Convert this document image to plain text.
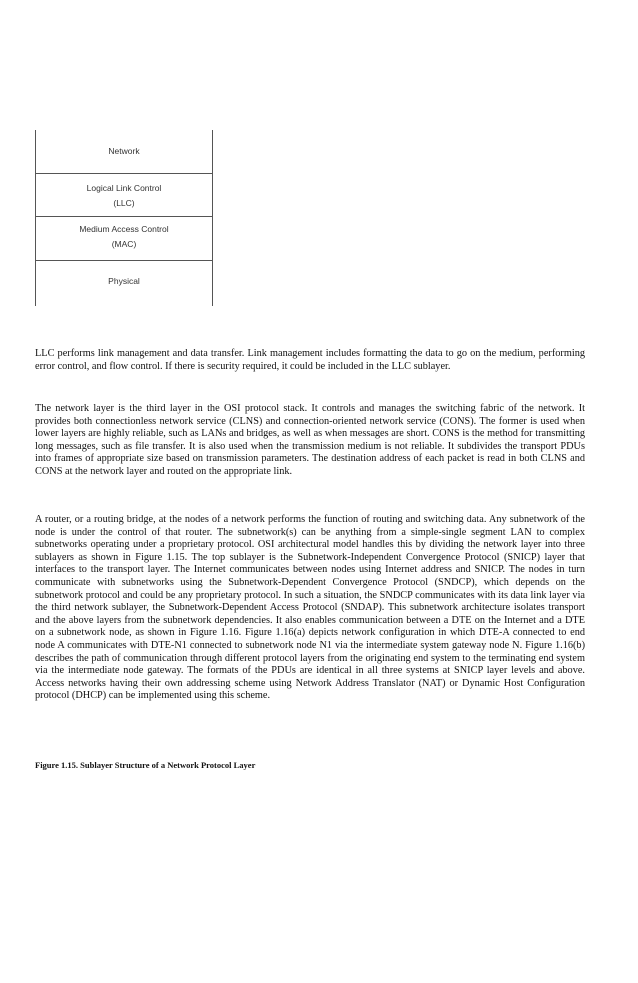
Network
Logical Link Control
(LLC)
Medium Access Control
(MAC)
Physical
LLC performs link management and data transfer. Link management includes formatting the data to go on the medium, performing error control, and flow control. If there is security required, it could be included in the LLC sublayer.
The network layer is the third layer in the OSI protocol stack. It controls and manages the switching fabric of the network. It provides both connectionless network service (CLNS) and connection-oriented network service (CONS). The former is used when lower layers are highly reliable, such as LANs and bridges, as well as when messages are short. CONS is the method for transmitting long messages, such as file transfer. It is also used when the transmission medium is not reliable. It subdivides the transport PDUs into frames of appropriate size based on transmission parameters. The destination address of each packet is read in both CLNS and CONS at the network layer and routed on the appropriate link.
A router, or a routing bridge, at the nodes of a network performs the function of routing and switching data. Any subnetwork of the node is under the control of that router. The subnetwork(s) can be anything from a simple-single segment LAN to complex subnetworks operating under a proprietary protocol. OSI architectural model handles this by dividing the network layer into three sublayers as shown in Figure 1.15. The top sublayer is the Subnetwork-Independent Convergence Protocol (SNICP) layer that interfaces to the transport layer. The Internet communicates between nodes using Internet address and SNICP. The nodes in turn communicate with subnetworks using the Subnetwork-Dependent Convergence Protocol (SNDCP), which depends on the subnetwork protocol and could be any proprietary protocol. In such a situation, the SNDCP communicates with its data link layer via the third network sublayer, the Subnetwork-Dependent Access Protocol (SNDAP). This subnetwork architecture isolates transport and the above layers from the subnetwork dependencies. It also enables communication between a DTE on the Internet and a DTE on a subnetwork node, as shown in Figure 1.16. Figure 1.16(a) depicts network configuration in which DTE-A connected to end node A communicates with DTE-N1 connected to subnetwork node N1 via the intermediate system gateway node N. Figure 1.16(b) describes the path of communication through different protocol layers from the originating end system to the terminating end system via the intermediate node gateway. The formats of the PDUs are identical in all three systems at SNICP layer levels and above. Access networks having their own addressing scheme using Network Address Translator (NAT) or Dynamic Host Configuration protocol (DHCP) can be implemented using this scheme.
Figure 1.15. Sublayer Structure of a Network Protocol Layer
